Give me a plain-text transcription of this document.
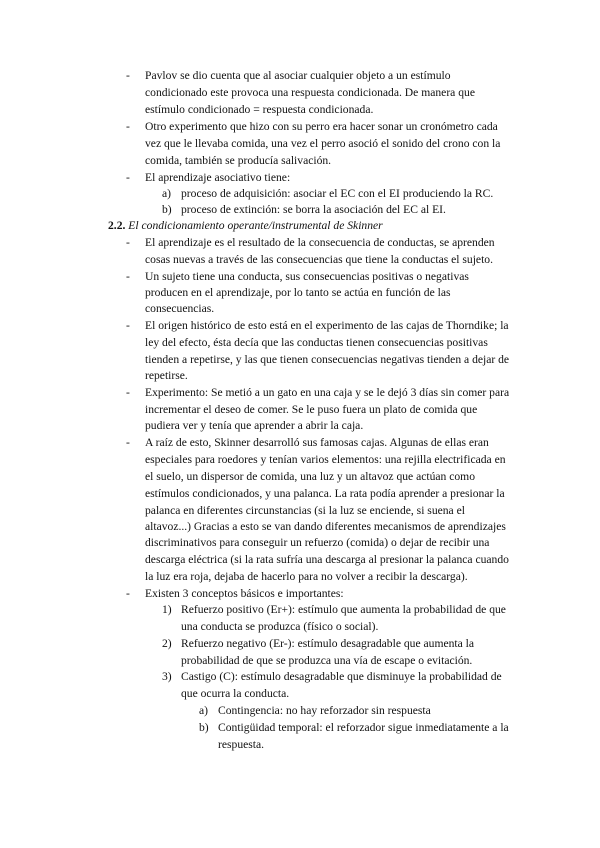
- Pavlov se dio cuenta que al asociar cualquier objeto a un estímulo
condicionado este provoca una respuesta condicionada. De manera que
estímulo condicionado = respuesta condicionada.
- Otro experimento que hizo con su perro era hacer sonar un cronómetro cada
vez que le llevaba comida, una vez el perro asoció el sonido del crono con la
comida, también se producía salivación.
- El aprendizaje asociativo tiene:
a) proceso de adquisición: asociar el EC con el EI produciendo la RC.
b) proceso de extinción: se borra la asociación del EC al EI.
2.2. El condicionamiento operante/instrumental de Skinner
- El aprendizaje es el resultado de la consecuencia de conductas, se aprenden
cosas nuevas a través de las consecuencias que tiene la conductas el sujeto.
- Un sujeto tiene una conducta, sus consecuencias positivas o negativas
producen en el aprendizaje, por lo tanto se actúa en función de las
consecuencias.
- El origen histórico de esto está en el experimento de las cajas de Thorndike; la
ley del efecto, ésta decía que las conductas tienen consecuencias positivas
tienden a repetirse, y las que tienen consecuencias negativas tienden a dejar de
repetirse.
- Experimento: Se metió a un gato en una caja y se le dejó 3 días sin comer para
incrementar el deseo de comer. Se le puso fuera un plato de comida que
pudiera ver y tenía que aprender a abrir la caja.
- A raíz de esto, Skinner desarrolló sus famosas cajas. Algunas de ellas eran
especiales para roedores y tenían varios elementos: una rejilla electrificada en
el suelo, un dispersor de comida, una luz y un altavoz que actúan como
estímulos condicionados, y una palanca. La rata podía aprender a presionar la
palanca en diferentes circunstancias (si la luz se enciende, si suena el
altavoz...) Gracias a esto se van dando diferentes mecanismos de aprendizajes
discriminativos para conseguir un refuerzo (comida) o dejar de recibir una
descarga eléctrica (si la rata sufría una descarga al presionar la palanca cuando
la luz era roja, dejaba de hacerlo para no volver a recibir la descarga).
- Existen 3 conceptos básicos e importantes:
1) Refuerzo positivo (Er+): estímulo que aumenta la probabilidad de que
una conducta se produzca (físico o social).
2) Refuerzo negativo (Er-): estímulo desagradable que aumenta la
probabilidad de que se produzca una vía de escape o evitación.
3) Castigo (C): estímulo desagradable que disminuye la probabilidad de
que ocurra la conducta.
a) Contingencia: no hay reforzador sin respuesta
b) Contigüidad temporal: el reforzador sigue inmediatamente a la
respuesta.
